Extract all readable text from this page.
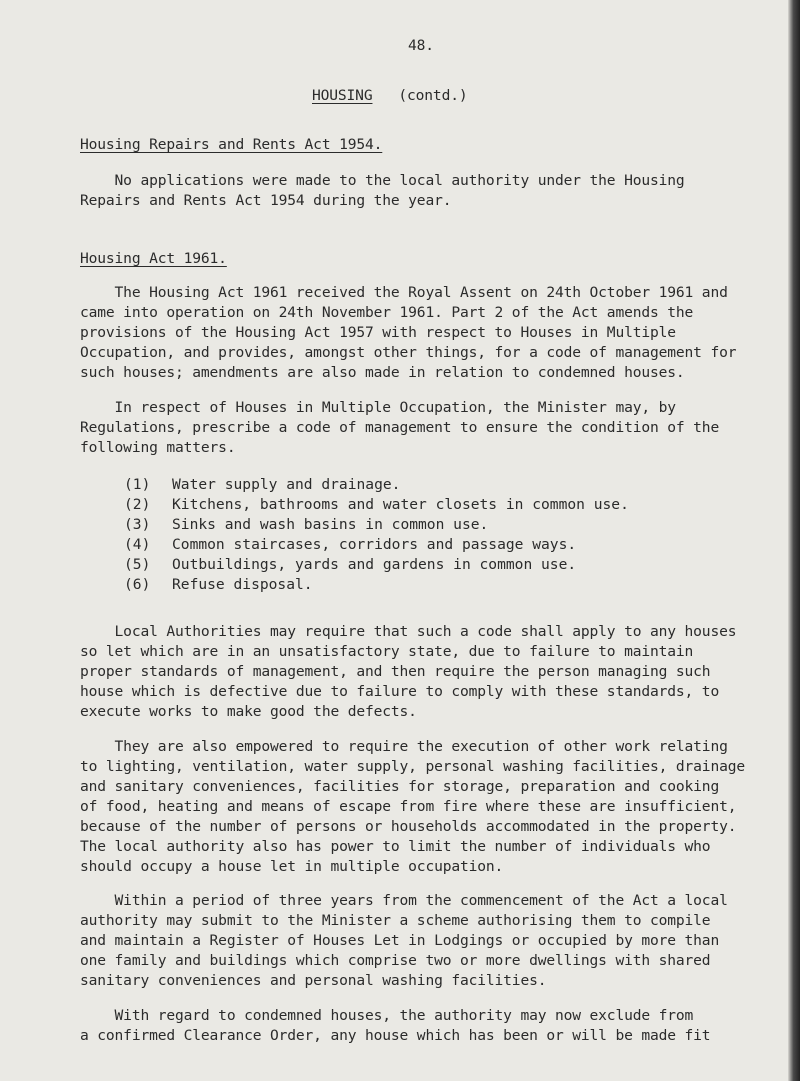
48.
HOUSING (contd.)
Housing Repairs and Rents Act 1954.
No applications were made to the local authority under the Housing
Repairs and Rents Act 1954 during the year.
Housing Act 1961.
The Housing Act 1961 received the Royal Assent on 24th October 1961 and
came into operation on 24th November 1961. Part 2 of the Act amends the
provisions of the Housing Act 1957 with respect to Houses in Multiple
Occupation, and provides, amongst other things, for a code of management for
such houses; amendments are also made in relation to condemned houses.
In respect of Houses in Multiple Occupation, the Minister may, by
Regulations, prescribe a code of management to ensure the condition of the
following matters.
(1) Water supply and drainage.
(2) Kitchens, bathrooms and water closets in common use.
(3) Sinks and wash basins in common use.
(4) Common staircases, corridors and passage ways.
(5) Outbuildings, yards and gardens in common use.
(6) Refuse disposal.
Local Authorities may require that such a code shall apply to any houses
so let which are in an unsatisfactory state, due to failure to maintain
proper standards of management, and then require the person managing such
house which is defective due to failure to comply with these standards, to
execute works to make good the defects.
They are also empowered to require the execution of other work relating
to lighting, ventilation, water supply, personal washing facilities, drainage
and sanitary conveniences, facilities for storage, preparation and cooking
of food, heating and means of escape from fire where these are insufficient,
because of the number of persons or households accommodated in the property.
The local authority also has power to limit the number of individuals who
should occupy a house let in multiple occupation.
Within a period of three years from the commencement of the Act a local
authority may submit to the Minister a scheme authorising them to compile
and maintain a Register of Houses Let in Lodgings or occupied by more than
one family and buildings which comprise two or more dwellings with shared
sanitary conveniences and personal washing facilities.
With regard to condemned houses, the authority may now exclude from
a confirmed Clearance Order, any house which has been or will be made fit
